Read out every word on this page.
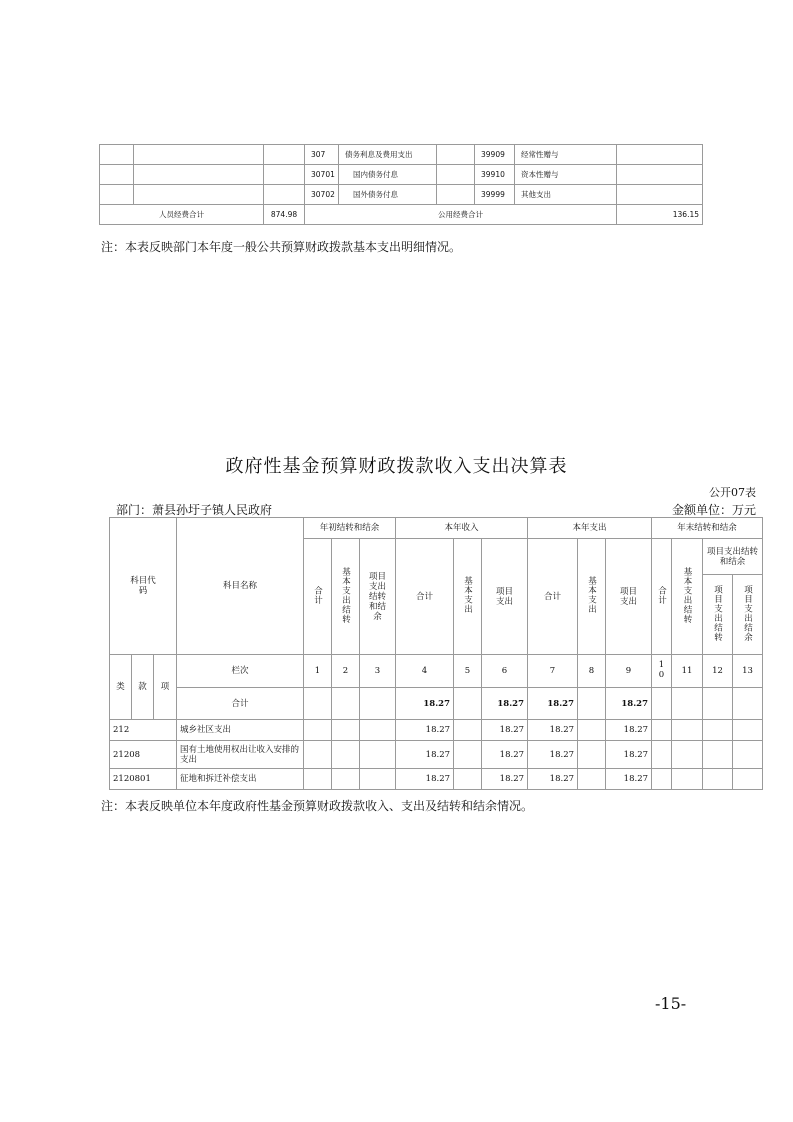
			307	债务利息及费用支出		39909	经常性赠与	
			30701	国内债务付息		39910	资本性赠与	
			30702	国外债务付息		39999	其他支出	
人员经费合计		874.98	公用经费合计					136.15
注：本表反映部门本年度一般公共预算财政拨款基本支出明细情况。
政府性基金预算财政拨款收入支出决算表
公开07表
部门：萧县孙圩子镇人民政府	金额单位：万元
科目代码			科目名称	年初结转和结余			本年收入			本年支出			年末结转和结余			
				合计	基本支出结转	项目支出结转和结余	合计	基本支出	项目支出	合计	基本支出	项目支出	合计	基本支出结转	项目支出结转和结余	
															项目支出结转	项目支出结余
类	款	项	栏次	1	2	3	4	5	6	7	8	9	10	11	12	13
			合计				18.27		18.27	18.27		18.27				
212			城乡社区支出				18.27		18.27	18.27		18.27				
21208			国有土地使用权出让收入安排的支出				18.27		18.27	18.27		18.27				
2120801			征地和拆迁补偿支出				18.27		18.27	18.27		18.27				
注：本表反映单位本年度政府性基金预算财政拨款收入、支出及结转和结余情况。
-15-
